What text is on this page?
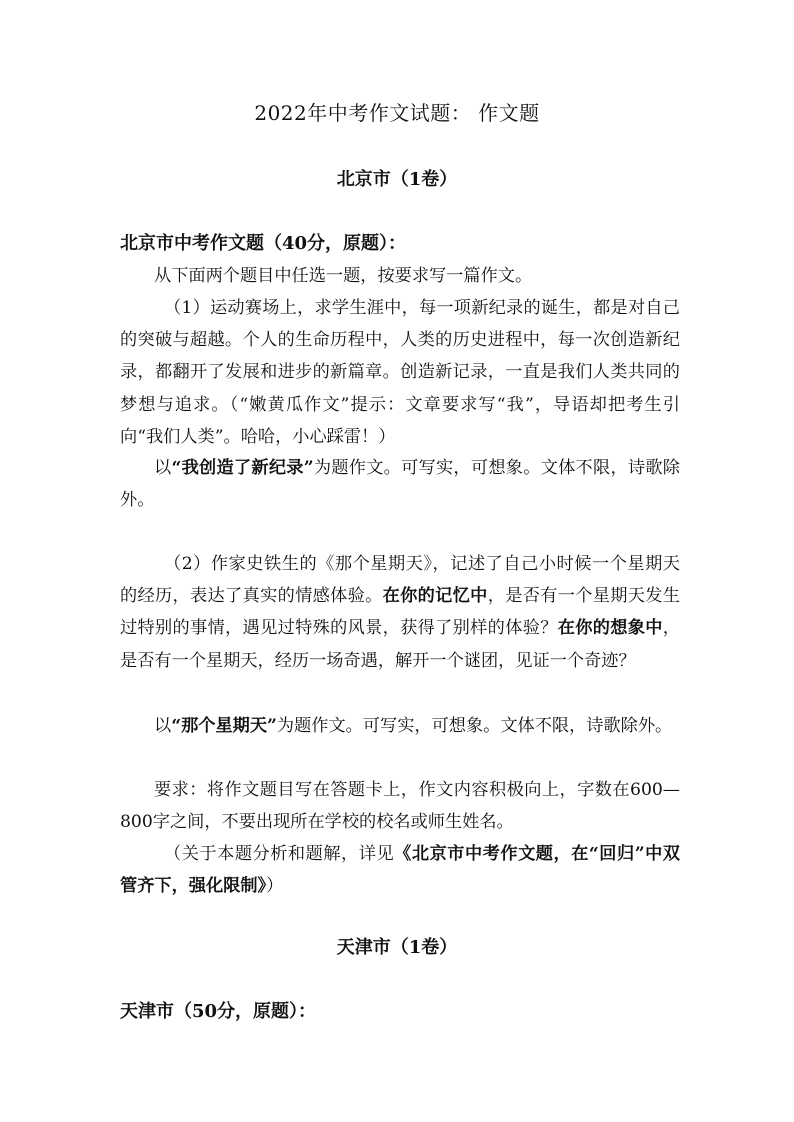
2022年中考作文试题： 作文题
北京市（1卷）
北京市中考作文题（40分，原题）：

从下面两个题目中任选一题，按要求写一篇作文。

（1）运动赛场上，求学生涯中，每一项新纪录的诞生，都是对自己的突破与超越。个人的生命历程中，人类的历史进程中，每一次创造新纪录，都翻开了发展和进步的新篇章。创造新记录，一直是我们人类共同的梦想与追求。（“嫩黄瓜作文”提示：文章要求写“我”，导语却把考生引向“我们人类”。哈哈，小心踩雷！）

以“我创造了新纪录”为题作文。可写实，可想象。文体不限，诗歌除外。

（2）作家史铁生的《那个星期天》，记述了自己小时候一个星期天的经历，表达了真实的情感体验。在你的记忆中，是否有一个星期天发生过特别的事情，遇见过特殊的风景，获得了别样的体验？在你的想象中，是否有一个星期天，经历一场奇遇，解开一个谜团，见证一个奇迹？

以“那个星期天”为题作文。可写实，可想象。文体不限，诗歌除外。

要求：将作文题目写在答题卡上，作文内容积极向上，字数在600—800字之间，不要出现所在学校的校名或师生姓名。

（关于本题分析和题解，详见《北京市中考作文题，在“回归”中双管齐下，强化限制》）

天津市（1卷）
天津市（50分，原题）：
